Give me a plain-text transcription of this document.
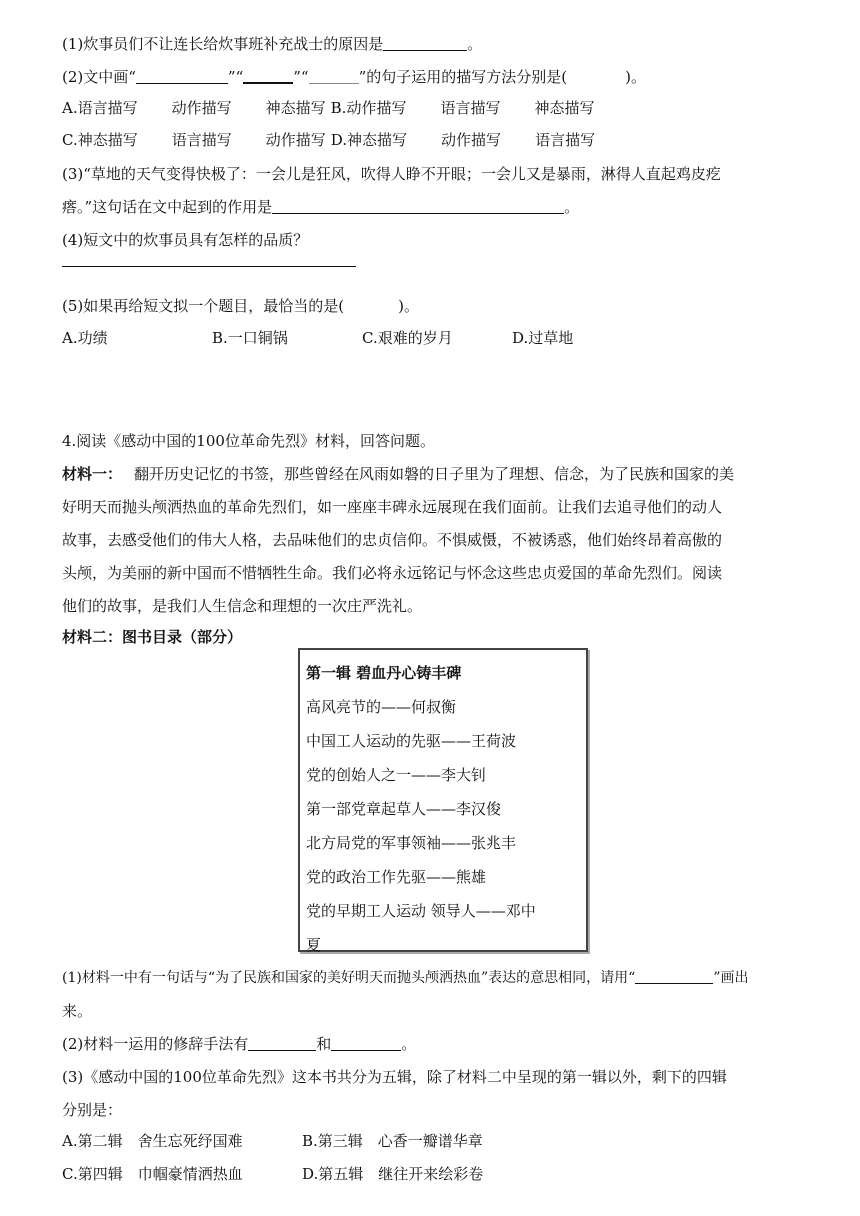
(1)炊事员们不让连长给炊事班补充战士的原因是	。
(2)文中画“	”“	”“	”的句子运用的描写方法分别是(	)。
A.语言描写 动作描写 神态描写 B.动作描写 语言描写 神态描写
C.神态描写 语言描写 动作描写 D.神态描写 动作描写 语言描写
(3)“草地的天气变得快极了：一会儿是狂风，吹得人睁不开眼；一会儿又是暴雨，淋得人直起鸡皮疙
瘩。”这句话在文中起到的作用是	。
(4)短文中的炊事员具有怎样的品质？
(5)如果再给短文拟一个题目，最恰当的是(	)。
A.功绩	B.一口铜锅	C.艰难的岁月	D.过草地
4.阅读《感动中国的100位革命先烈》材料，回答问题。
材料一： 翻开历史记忆的书签，那些曾经在风雨如磐的日子里为了理想、信念，为了民族和国家的美
好明天而抛头颅洒热血的革命先烈们，如一座座丰碑永远展现在我们面前。让我们去追寻他们的动人
故事，去感受他们的伟大人格，去品味他们的忠贞信仰。不惧威慑，不被诱惑，他们始终昂着高傲的
头颅，为美丽的新中国而不惜牺牲生命。我们必将永远铭记与怀念这些忠贞爱国的革命先烈们。阅读
他们的故事，是我们人生信念和理想的一次庄严洗礼。
材料二：图书目录（部分）
第一辑 碧血丹心铸丰碑
高风亮节的——何叔衡
中国工人运动的先驱——王荷波
党的创始人之一——李大钊
第一部党章起草人——李汉俊
北方局党的军事领袖——张兆丰
党的政治工作先驱——熊雄
党的早期工人运动 领导人——邓中
夏
(1)材料一中有一句话与“为了民族和国家的美好明天而抛头颅洒热血”表达的意思相同，请用“	”画出
来。
(2)材料一运用的修辞手法有	和	。
(3)《感动中国的100位革命先烈》这本书共分为五辑，除了材料二中呈现的第一辑以外，剩下的四辑
分别是：
A.第二辑　舍生忘死纾国难	B.第三辑　心香一瓣谱华章
C.第四辑　巾帼豪情洒热血	D.第五辑　继往开来绘彩卷
